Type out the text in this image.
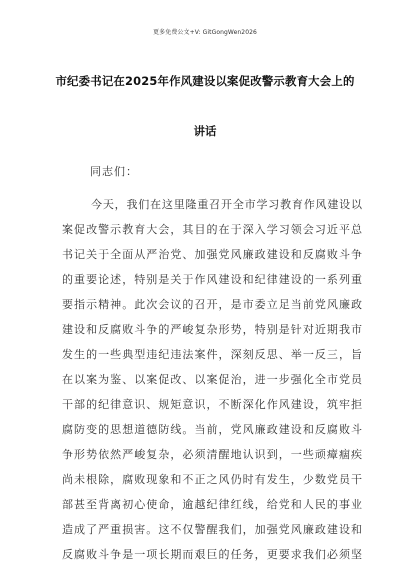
更多免费公文+V: GitGongWen2026
市纪委书记在2025年作风建设以案促改警示教育大会上的
讲话
同志们：
今天，我们在这里隆重召开全市学习教育作风建设以
案促改警示教育大会，其目的在于深入学习领会习近平总
书记关于全面从严治党、加强党风廉政建设和反腐败斗争
的重要论述，特别是关于作风建设和纪律建设的一系列重
要指示精神。此次会议的召开，是市委立足当前党风廉政
建设和反腐败斗争的严峻复杂形势，特别是针对近期我市
发生的一些典型违纪违法案件，深刻反思、举一反三，旨
在以案为鉴、以案促改、以案促治，进一步强化全市党员
干部的纪律意识、规矩意识，不断深化作风建设，筑牢拒
腐防变的思想道德防线。当前，党风廉政建设和反腐败斗
争形势依然严峻复杂，必须清醒地认识到，一些顽瘴痼疾
尚未根除，腐败现象和不正之风仍时有发生，少数党员干
部甚至背离初心使命，逾越纪律红线，给党和人民的事业
造成了严重损害。这不仅警醒我们，加强党风廉政建设和
反腐败斗争是一项长期而艰巨的任务，更要求我们必须坚
